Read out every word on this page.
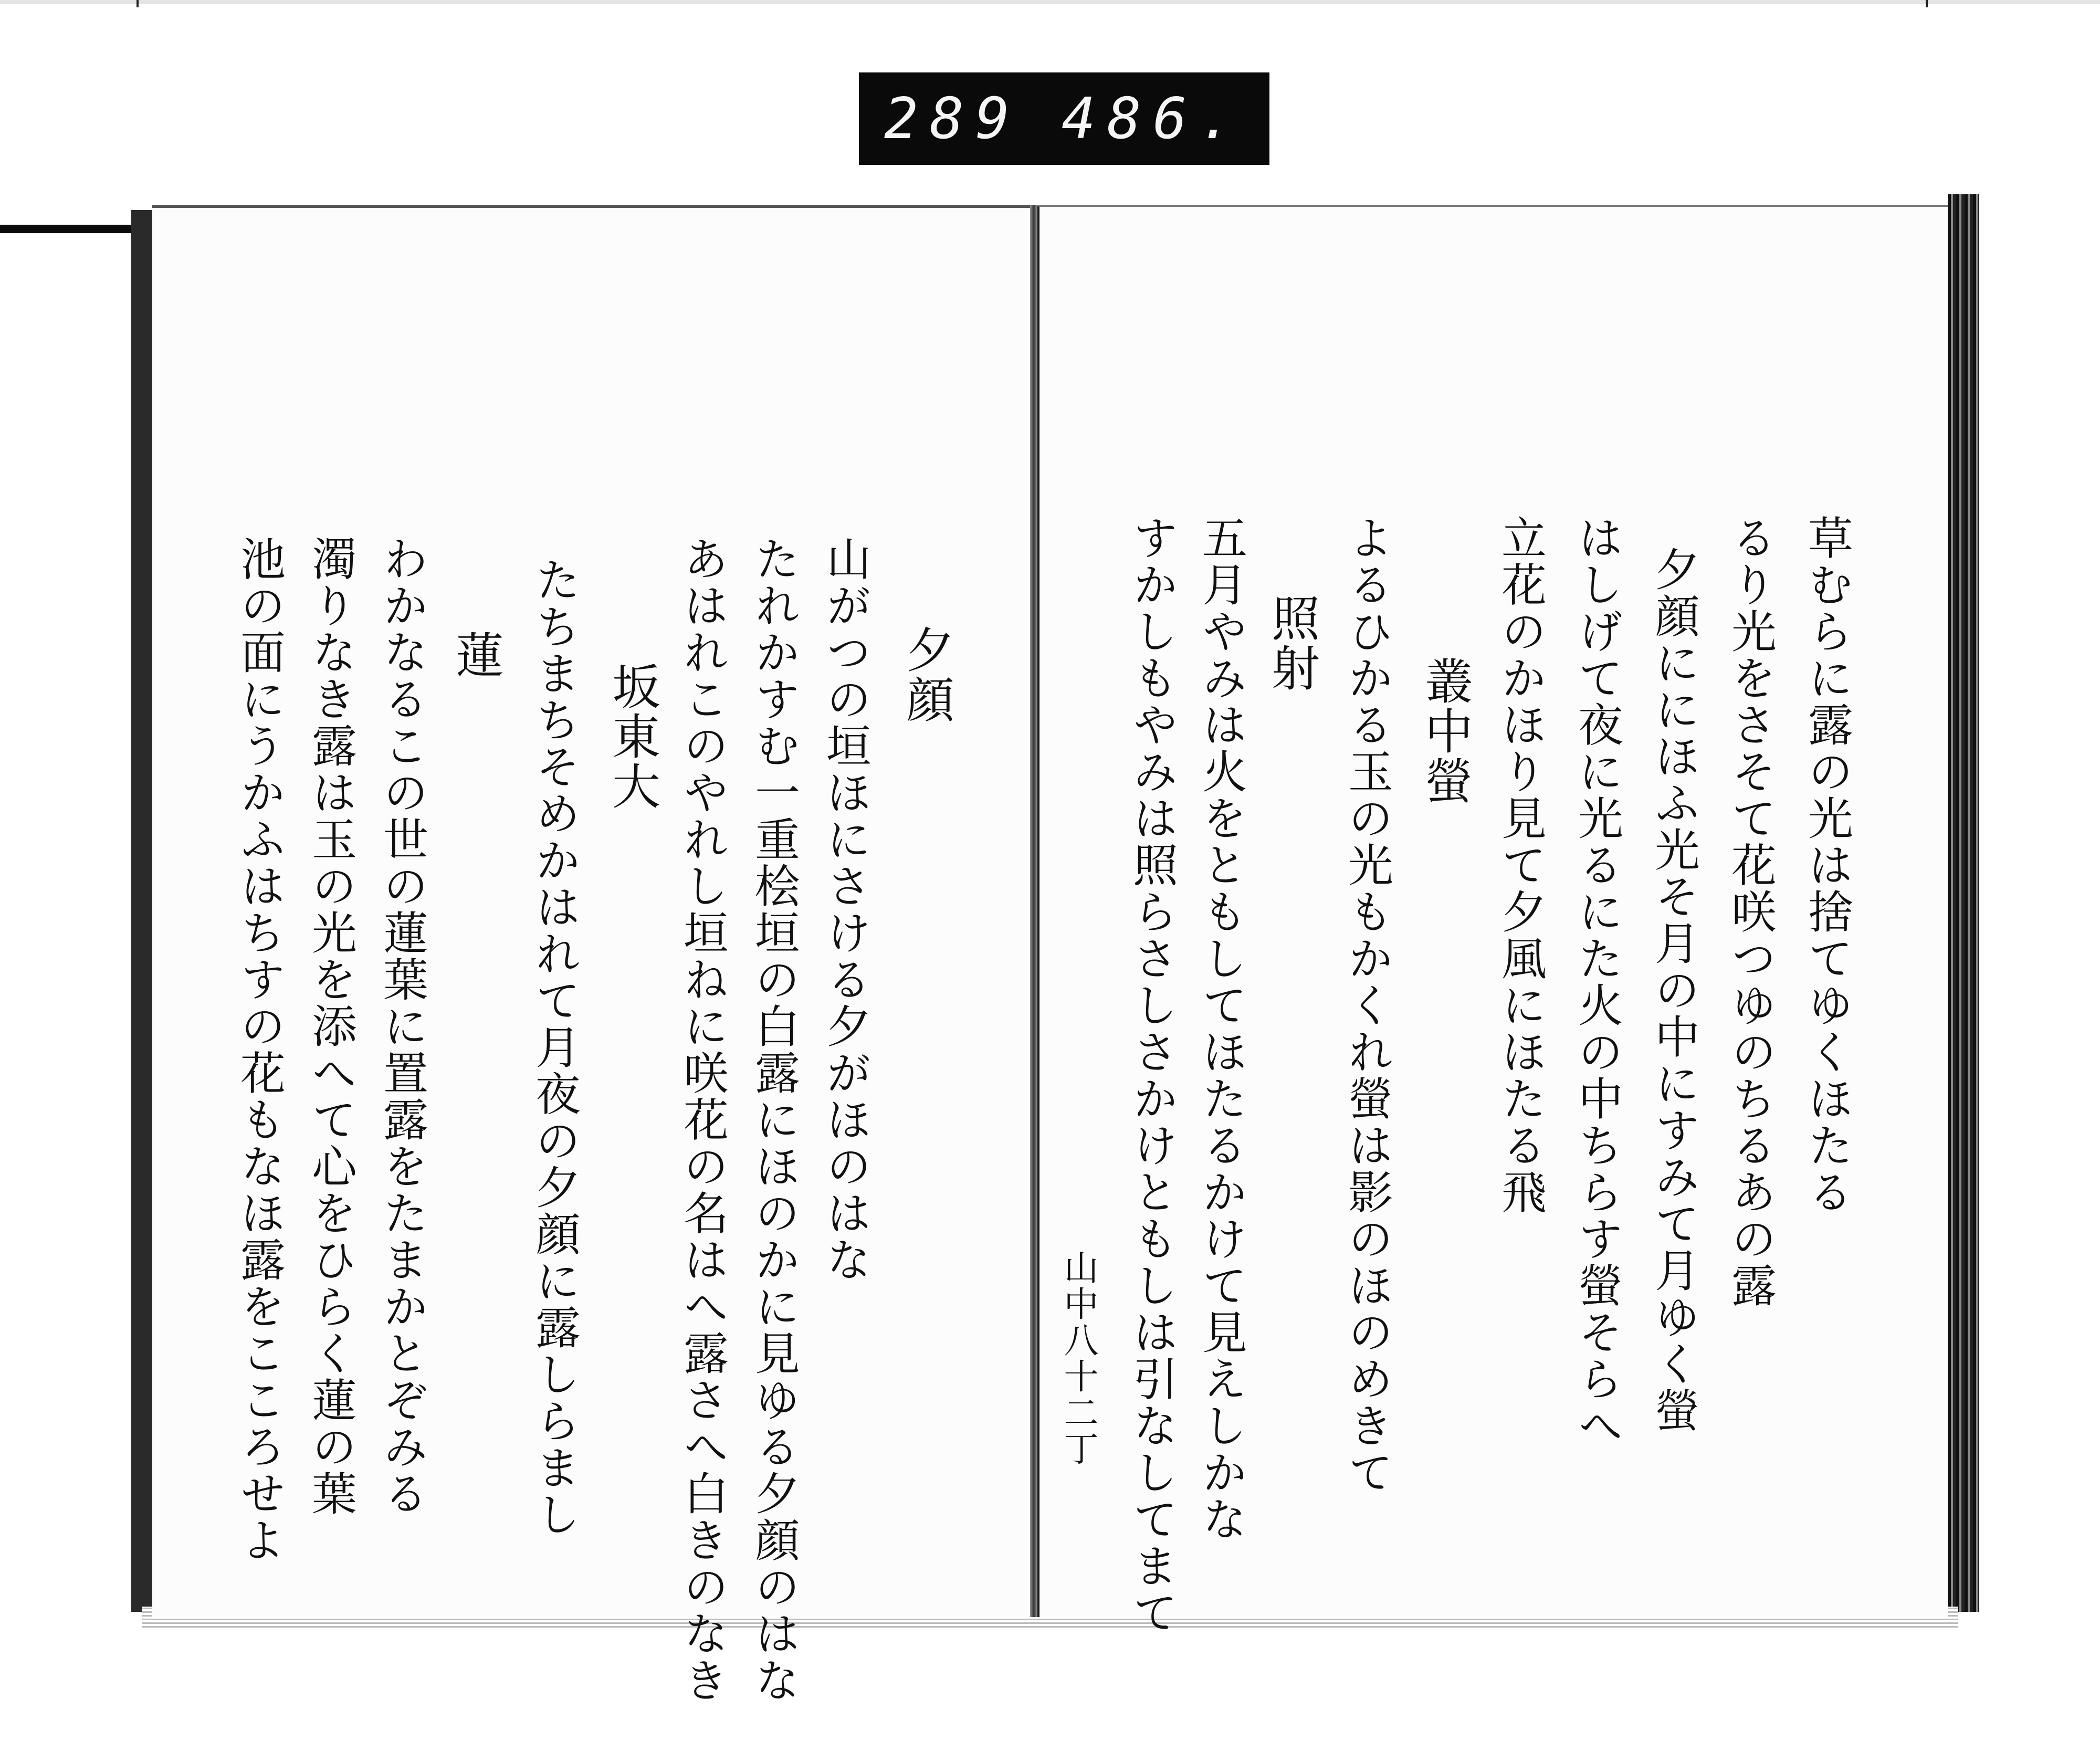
289 486.
草むらに露の光は捨てゆくほたる
るり光をさそて花咲つゆのちるあの露
夕顔ににほふ光そ月の中にすみて月ゆく螢
はしげて夜に光るにた火の中ちらす螢そらへ
立花のかほり見て夕風にほたる飛
叢中螢
よるひかる玉の光もかくれ螢は影のほのめきて
照射
五月やみは火をともしてほたるかけて見えしかな
すかしもやみは照らさしさかけともしは引なしてまて
山中八十二丁
夕顔
山がつの垣ほにさける夕がほのはな
たれかすむ一重桧垣の白露にほのかに見ゆる夕顔のはな
あはれこのやれし垣ねに咲花の名はへ露さへ白きのなき
坂東大
たちまちそめかはれて月夜の夕顔に露しらまし
蓮
わかなるこの世の蓮葉に置露をたまかとぞみる
濁りなき露は玉の光を添へて心をひらく蓮の葉
池の面にうかふはちすの花もなほ露をこころせよ
